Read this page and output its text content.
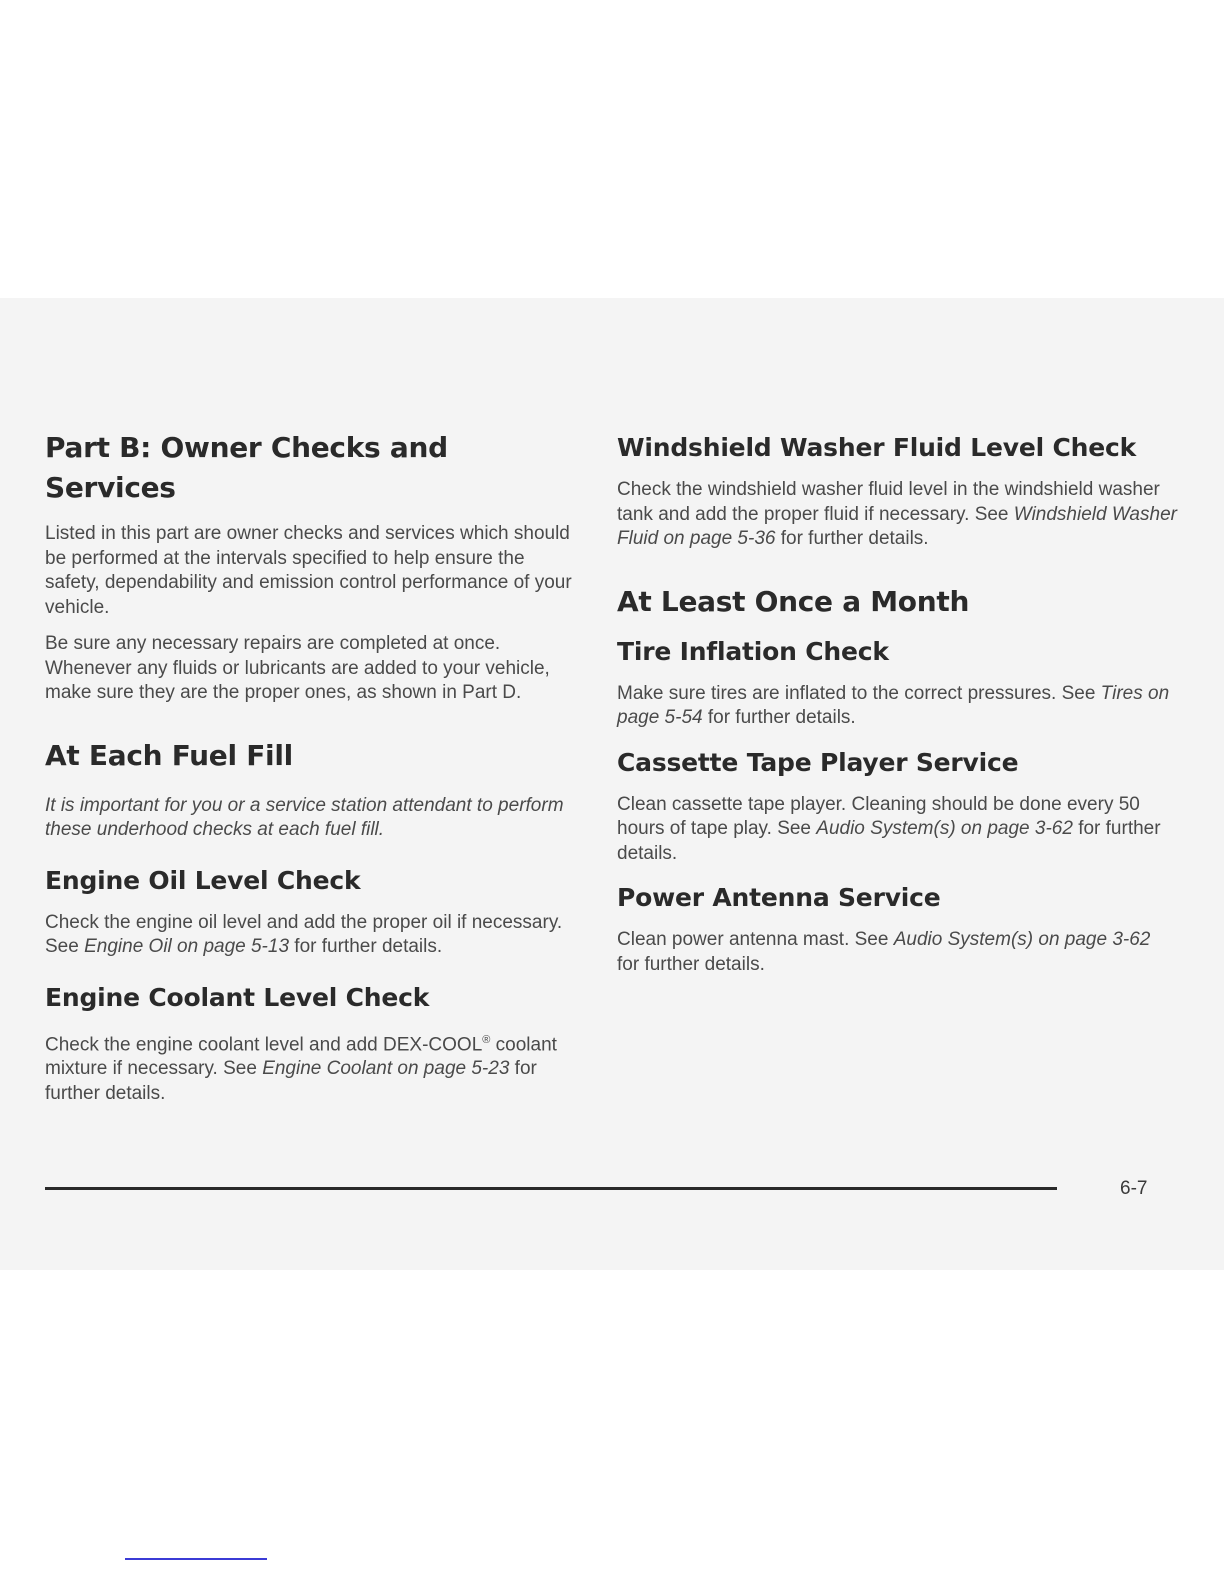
Part B: Owner Checks and Services

Listed in this part are owner checks and services which should be performed at the intervals specified to help ensure the safety, dependability and emission control performance of your vehicle.

Be sure any necessary repairs are completed at once. Whenever any fluids or lubricants are added to your vehicle, make sure they are the proper ones, as shown in Part D.

At Each Fuel Fill

It is important for you or a service station attendant to perform these underhood checks at each fuel fill.

Engine Oil Level Check

Check the engine oil level and add the proper oil if necessary. See Engine Oil on page 5-13 for further details.

Engine Coolant Level Check

Check the engine coolant level and add DEX-COOL® coolant mixture if necessary. See Engine Coolant on page 5-23 for further details.

Windshield Washer Fluid Level Check

Check the windshield washer fluid level in the windshield washer tank and add the proper fluid if necessary. See Windshield Washer Fluid on page 5-36 for further details.

At Least Once a Month
Tire Inflation Check

Make sure tires are inflated to the correct pressures. See Tires on page 5-54 for further details.

Cassette Tape Player Service

Clean cassette tape player. Cleaning should be done every 50 hours of tape play. See Audio System(s) on page 3-62 for further details.

Power Antenna Service

Clean power antenna mast. See Audio System(s) on page 3-62 for further details.

6-7
